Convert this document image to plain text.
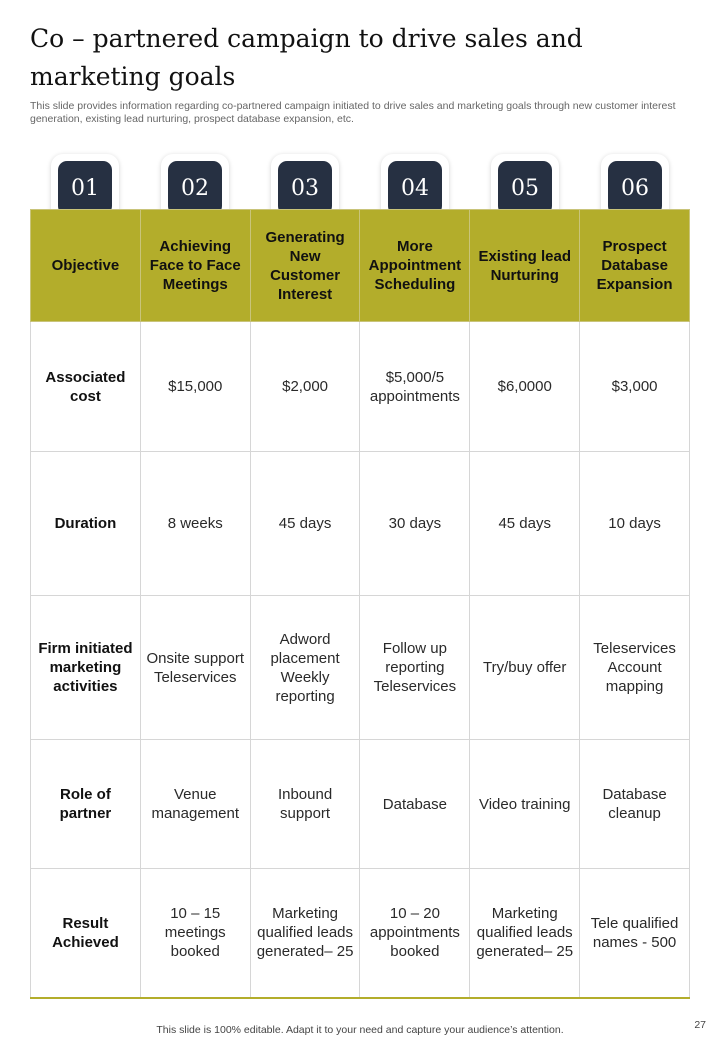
Co – partnered campaign to drive sales and marketing goals

This slide provides information regarding co-partnered campaign initiated to drive sales and marketing goals through new customer interest generation, existing lead nurturing, prospect database expansion, etc.

01	02	03	04	05	06
Objective	Achieving Face to Face Meetings	Generating New Customer Interest	More Appointment Scheduling	Existing lead Nurturing	Prospect Database Expansion
Associated cost	$15,000	$2,000	$5,000/5 appointments	$6,0000	$3,000
Duration	8 weeks	45 days	30 days	45 days	10 days
Firm initiated marketing activities	Onsite support Teleservices	Adword placement Weekly reporting	Follow up reporting Teleservices	Try/buy offer	Teleservices Account mapping
Role of partner	Venue management	Inbound support	Database	Video training	Database cleanup
Result Achieved	10 – 15 meetings booked	Marketing qualified leads generated– 25	10 – 20 appointments booked	Marketing qualified leads generated– 25	Tele qualified names - 500

This slide is 100% editable. Adapt it to your need and capture your audience’s attention.	27
